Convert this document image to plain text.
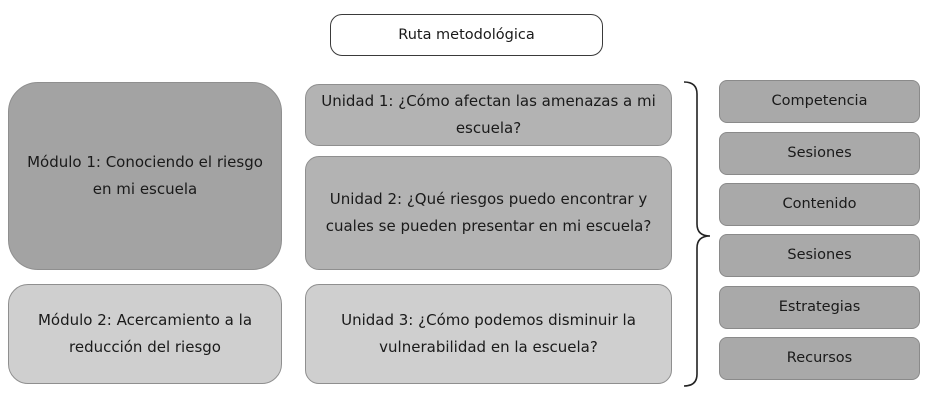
Ruta metodológica
Módulo 1: Conociendo el riesgo en mi escuela
Módulo 2: Acercamiento a la reducción del riesgo
Unidad 1: ¿Cómo afectan las amenazas a mi escuela?
Unidad 2: ¿Qué riesgos puedo encontrar y cuales se pueden presentar en mi escuela?
Unidad 3: ¿Cómo podemos disminuir la vulnerabilidad en la escuela?
Competencia
Sesiones
Contenido
Sesiones
Estrategias
Recursos
